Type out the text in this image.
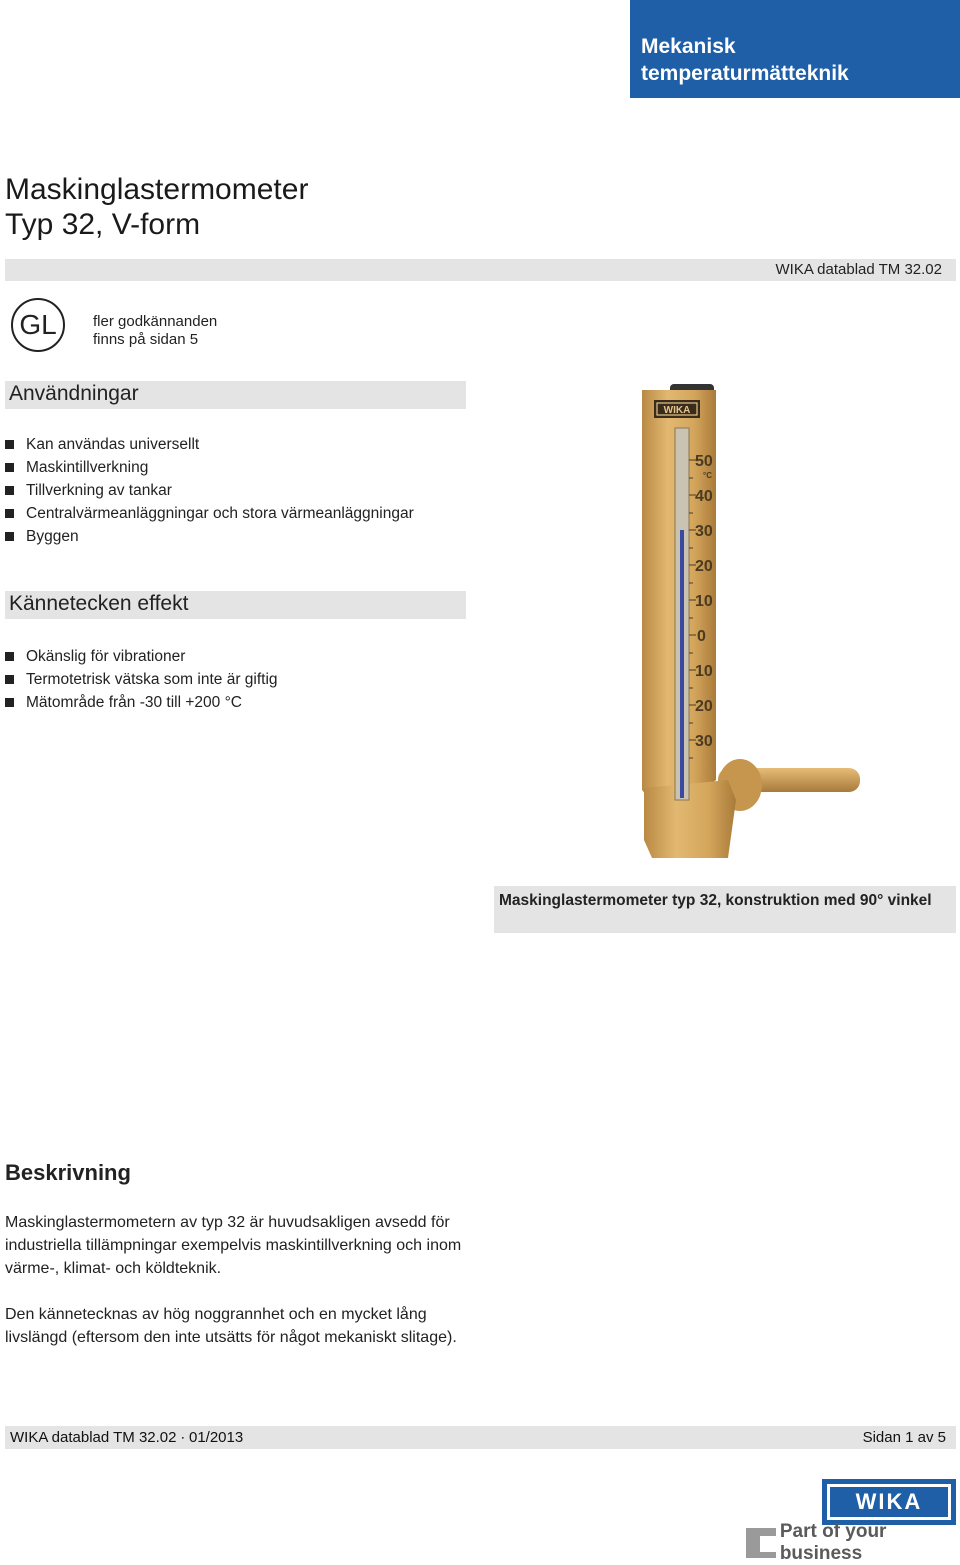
Mekanisk
temperaturmätteknik
Maskinglastermometer
Typ 32, V-form
WIKA datablad TM 32.02
GL fler godkännanden
finns på sidan 5
Användningar
Kan användas universellt
Maskintillverkning
Tillverkning av tankar
Centralvärmeanläggningar och stora värmeanläggningar
Byggen
Kännetecken effekt
Okänslig för vibrationer
Termotetrisk vätska som inte är giftig
Mätområde från -30 till +200 °C
WIKA
50
°C
40
30
20
10
0
10
20
30
Maskinglastermometer typ 32, konstruktion med 90° vinkel
Beskrivning

Maskinglastermometern av typ 32 är huvudsakligen avsedd för industriella tillämpningar exempelvis maskintillverkning och inom värme-, klimat- och köldteknik.

Den kännetecknas av hög noggrannhet och en mycket lång livslängd (eftersom den inte utsätts för något mekaniskt slitage).

WIKA datablad TM 32.02 ∙ 01/2013	Sidan 1 av 5
WIKA
Part of your business
